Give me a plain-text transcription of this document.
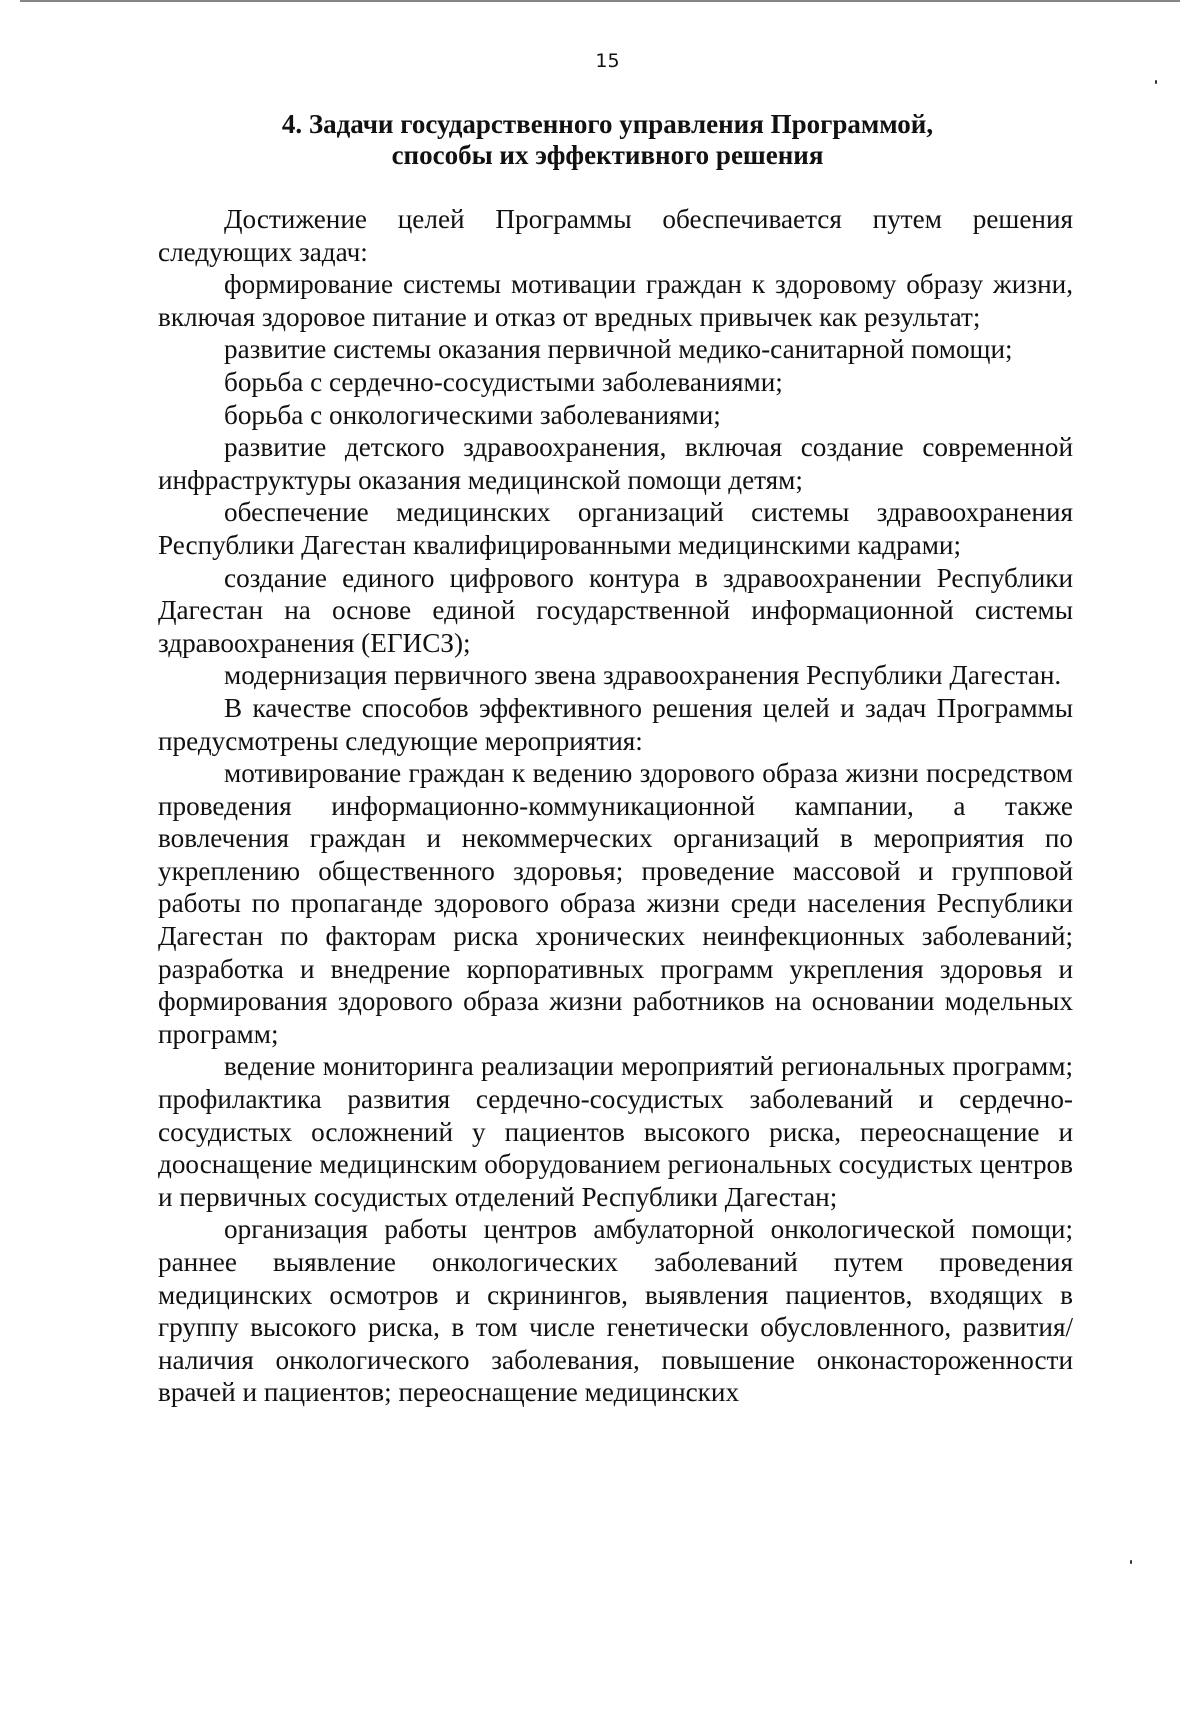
15
4. Задачи государственного управления Программой,
способы их эффективного решения

Достижение целей Программы обеспечивается путем решения следующих задач:

формирование системы мотивации граждан к здоровому образу жизни, включая здоровое питание и отказ от вредных привычек как результат;

развитие системы оказания первичной медико-санитарной помощи;

борьба с сердечно-сосудистыми заболеваниями;

борьба с онкологическими заболеваниями;

развитие детского здравоохранения, включая создание современной инфраструктуры оказания медицинской помощи детям;

обеспечение медицинских организаций системы здравоохранения Республики Дагестан квалифицированными медицинскими кадрами;

создание единого цифрового контура в здравоохранении Республики Дагестан на основе единой государственной информационной системы здравоохранения (ЕГИСЗ);

модернизация первичного звена здравоохранения Республики Дагестан.

В качестве способов эффективного решения целей и задач Программы предусмотрены следующие мероприятия:

мотивирование граждан к ведению здорового образа жизни посредством проведения информационно-коммуникационной кампании, а также вовлечения граждан и некоммерческих организаций в мероприятия по укреплению общественного здоровья; проведение массовой и групповой работы по пропаганде здорового образа жизни среди населения Республики Дагестан по факторам риска хронических неинфекционных заболеваний; разработка и внедрение корпоративных программ укрепления здоровья и формирования здорового образа жизни работников на основании модельных программ;

ведение мониторинга реализации мероприятий региональных программ; профилактика развития сердечно-сосудистых заболеваний и сердечно-сосудистых осложнений у пациентов высокого риска, переоснащение и дооснащение медицинским оборудованием региональных сосудистых центров и первичных сосудистых отделений Республики Дагестан;

организация работы центров амбулаторной онкологической помощи; раннее выявление онкологических заболеваний путем проведения медицинских осмотров и скринингов, выявления пациентов, входящих в группу высокого риска, в том числе генетически обусловленного, развития/наличия онкологического заболевания, повышение онконастороженности врачей и пациентов; переоснащение медицинских
